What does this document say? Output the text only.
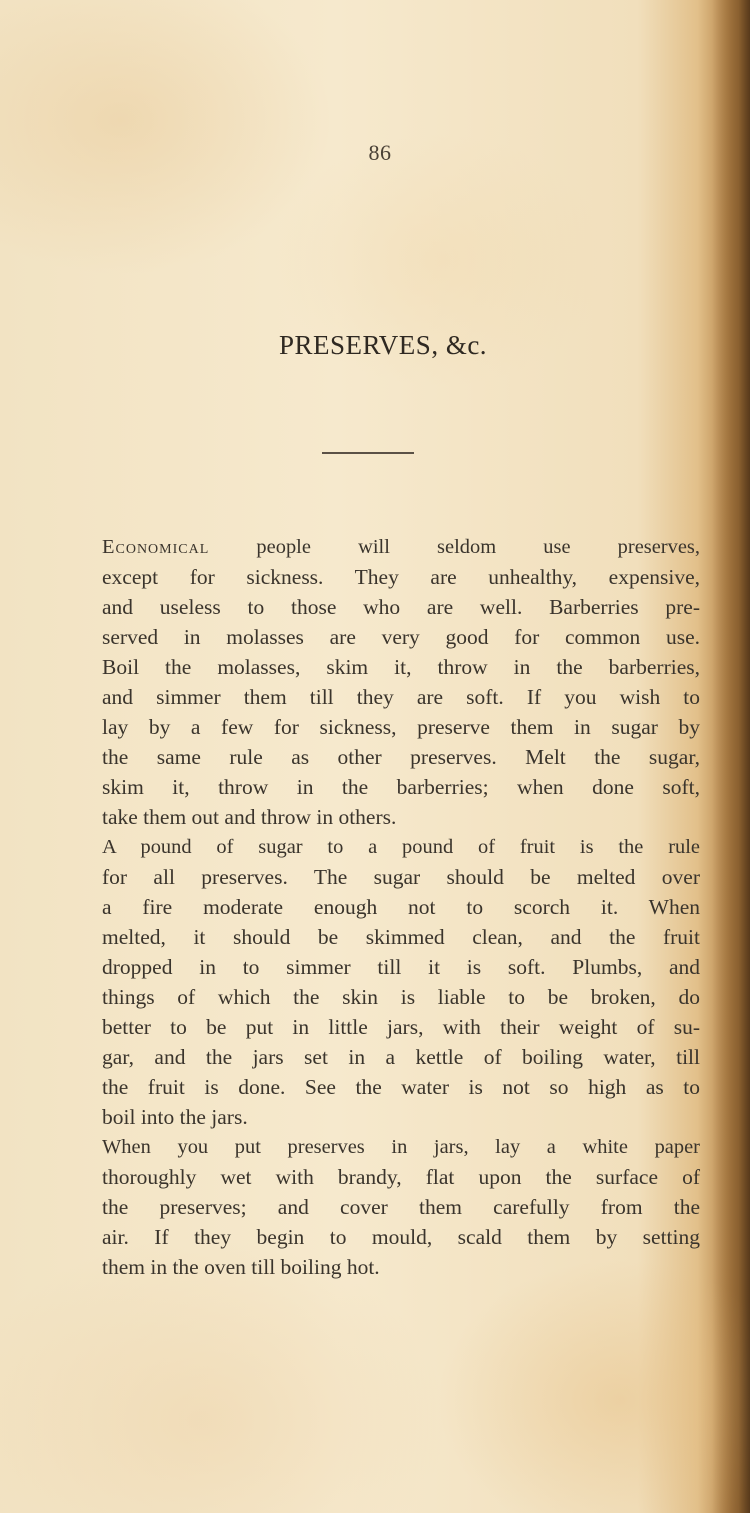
86
PRESERVES, &c.

Economical people will seldom use preserves,
except for sickness. They are unhealthy, expensive,
and useless to those who are well. Barberries pre-
served in molasses are very good for common use.
Boil the molasses, skim it, throw in the barberries,
and simmer them till they are soft. If you wish to
lay by a few for sickness, preserve them in sugar by
the same rule as other preserves. Melt the sugar,
skim it, throw in the barberries; when done soft,
take them out and throw in others.

A pound of sugar to a pound of fruit is the rule
for all preserves. The sugar should be melted over
a fire moderate enough not to scorch it. When
melted, it should be skimmed clean, and the fruit
dropped in to simmer till it is soft. Plumbs, and
things of which the skin is liable to be broken, do
better to be put in little jars, with their weight of su-
gar, and the jars set in a kettle of boiling water, till
the fruit is done. See the water is not so high as to
boil into the jars.

When you put preserves in jars, lay a white paper
thoroughly wet with brandy, flat upon the surface of
the preserves; and cover them carefully from the
air. If they begin to mould, scald them by setting
them in the oven till boiling hot.
